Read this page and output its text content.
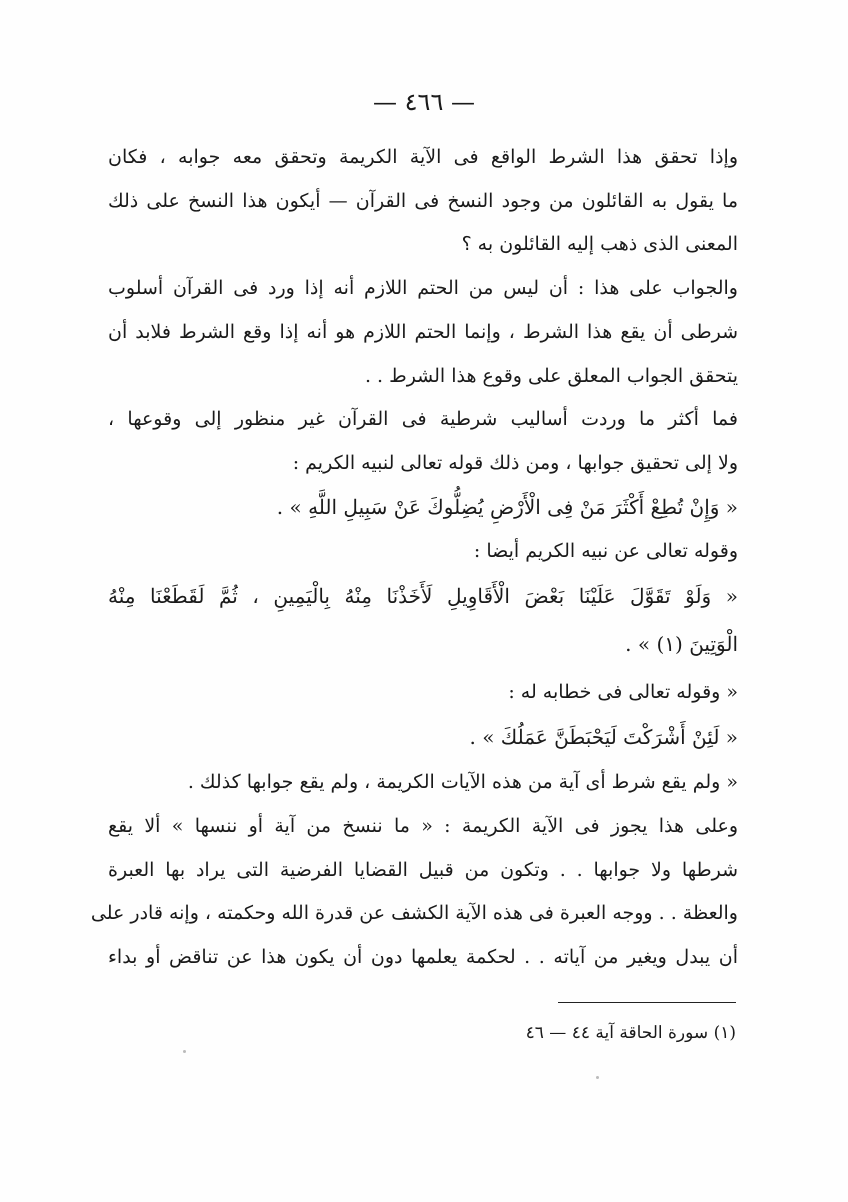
— ٤٦٦ —
وإذا تحقق هذا الشرط الواقع فى الآية الكريمة وتحقق معه جوابه ، فكان
ما يقول به القائلون من وجود النسخ فى القرآن — أيكون هذا النسخ على ذلك
المعنى الذى ذهب إليه القائلون به ؟
والجواب على هذا : أن ليس من الحتم اللازم أنه إذا ورد فى القرآن أسلوب
شرطى أن يقع هذا الشرط ، وإنما الحتم اللازم هو أنه إذا وقع الشرط فلابد أن
يتحقق الجواب المعلق على وقوع هذا الشرط . .
فما أكثر ما وردت أساليب شرطية فى القرآن غير منظور إلى وقوعها ،
ولا إلى تحقيق جوابها ، ومن ذلك قوله تعالى لنبيه الكريم :
« وَإِنْ تُطِعْ أَكْثَرَ مَنْ فِى الْأَرْضِ يُضِلُّوكَ عَنْ سَبِيلِ اللَّهِ » .
وقوله تعالى عن نبيه الكريم أيضا :
« وَلَوْ تَقَوَّلَ عَلَيْنَا بَعْضَ الْأَقَاوِيلِ لَأَخَذْنَا مِنْهُ بِالْيَمِينِ ، ثُمَّ لَقَطَعْنَا مِنْهُ
الْوَتِينَ (١) » .
« وقوله تعالى فى خطابه له :
« لَئِنْ أَشْرَكْتَ لَيَحْبَطَنَّ عَمَلُكَ » .
« ولم يقع شرط أى آية من هذه الآيات الكريمة ، ولم يقع جوابها كذلك .
وعلى هذا يجوز فى الآية الكريمة : « ما ننسخ من آية أو ننسها » ألا يقع
شرطها ولا جوابها . . وتكون من قبيل القضايا الفرضية التى يراد بها العبرة
والعظة . . ووجه العبرة فى هذه الآية الكشف عن قدرة الله وحكمته ، وإنه قادر على
أن يبدل ويغير من آياته . . لحكمة يعلمها دون أن يكون هذا عن تناقض أو بداء
(١) سورة الحاقة آية ٤٤ — ٤٦
